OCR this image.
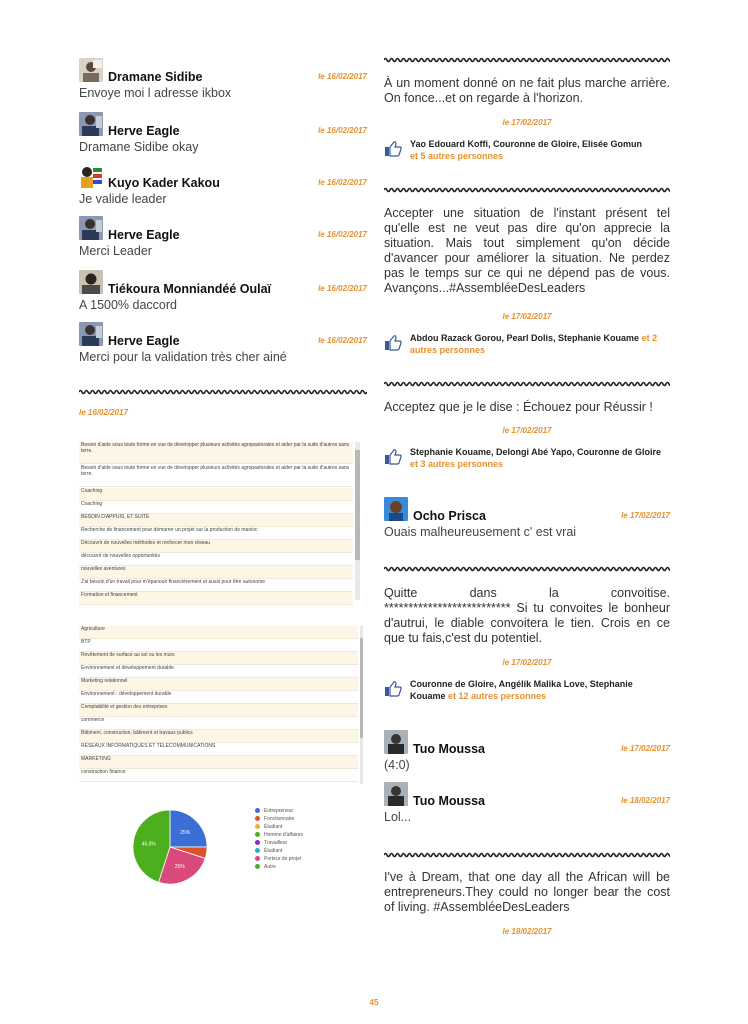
Dramane Sidibe	le 16/02/2017
Envoye moi l adresse ikbox
Herve Eagle	le 16/02/2017
Dramane Sidibe okay
Kuyo Kader Kakou	le 16/02/2017
Je valide leader
Herve Eagle	le 16/02/2017
Merci Leader
Tiékoura Monniandéé Oulaï	le 16/02/2017
A 1500% daccord
Herve Eagle	le 16/02/2017
Merci pour la validation très cher ainé
le 16/02/2017
Besoin d'aide sous toute forme en vue de développer plusieurs activités agropastorales et aider par la suite d'autres sans terre.
Besoin d'aide sous toute forme en vue de développer plusieurs activités agropastorales et aider par la suite d'autres sans terre.
Coaching
Coaching
BESOIN D'APPUIS, ET SUITE
Recherche de financement pour démarrer un projet sur la production de manioc
Découvrir de nouvelles méthodes et renforcer mon réseau
découvrir de nouvelles opportunités
nouvelles aventures
J'ai besoin d'un travail pour m'épanouir financièrement et aussi pour être autonome
Formation et financement
Agriculture
BTP
Revêtement de surface au sol ou les murs
Environnement et développement durable
Marketing relationnel
Environnement - développement durable
Comptabilité et gestion des entreprises
commerce
Bâtiment, construction, bâtiment et travaux publics
RESEAUX INFORMATIQUES ET TELECOMMUNICATIONS
MARKETING
construction finance
25%
25%
45.0%
Entrepreneur
Fonctionnaire
Étudiant
Homme d'affaires
Travailleur
Étudiant
Porteur de projet
Autre
À un moment donné on ne fait plus marche arrière. On fonce...et on regarde à l'horizon.
le 17/02/2017
Yao Edouard Koffi, Couronne de Gloire, Elisée Gomun
et 5 autres personnes
Accepter une situation de l'instant présent tel qu'elle est ne veut pas dire qu'on apprecie la situation. Mais tout simplement qu'on décide d'avancer pour améliorer la situation. Ne perdez pas le temps sur ce qui ne dépend pas de vous. Avançons...#AssembléeDesLeaders
le 17/02/2017
Abdou Razack Gorou, Pearl Dolis, Stephanie Kouame et 2 autres personnes
Acceptez que je le dise : Échouez pour Réussir !
le 17/02/2017
Stephanie Kouame, Delongi Abé Yapo, Couronne de Gloire et 3 autres personnes
Ocho Prisca	le 17/02/2017
Ouais malheureusement c' est vrai
Quitte dans la convoitise.
************************** Si tu convoites le bonheur d'autrui, le diable convoitera le tien. Crois en ce que tu fais,c'est du potentiel.
le 17/02/2017
Couronne de Gloire, Angélik Malika Love, Stephanie Kouame et 12 autres personnes
Tuo Moussa	le 17/02/2017
(4:0)
Tuo Moussa	le 18/02/2017
Lol...
I've à Dream, that one day all the African will be entrepreneurs.They could no longer bear the cost of living. #AssembléeDesLeaders
le 18/02/2017
45
